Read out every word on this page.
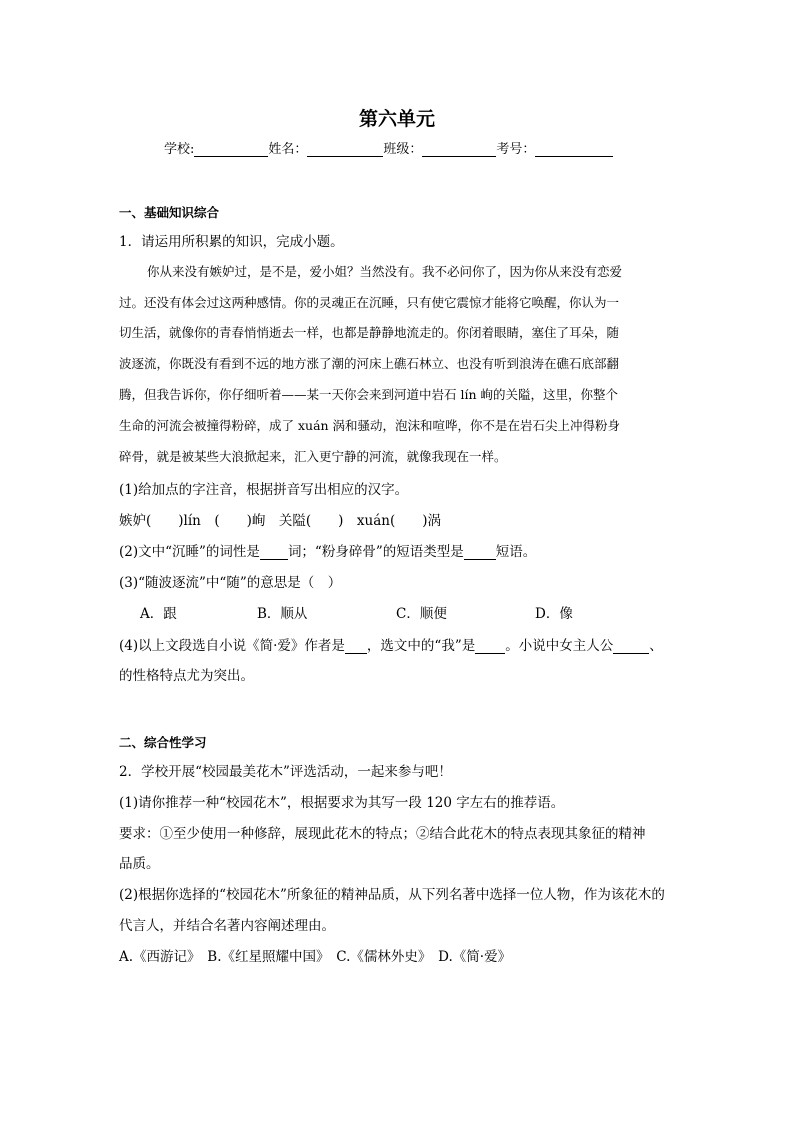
第六单元
学校:	姓名：	班级：	考号：
一、基础知识综合
1．请运用所积累的知识，完成小题。
你从来没有嫉妒过，是不是，爱小姐？当然没有。我不必问你了，因为你从来没有恋爱
过。还没有体会过这两种感情。你的灵魂正在沉睡，只有使它震惊才能将它唤醒，你认为一
切生活，就像你的青春悄悄逝去一样，也都是静静地流走的。你闭着眼睛，塞住了耳朵，随
波逐流，你既没有看到不远的地方涨了潮的河床上礁石林立、也没有听到浪涛在礁石底部翻
腾，但我告诉你，你仔细听着——某一天你会来到河道中岩石 lín 峋的关隘，这里，你整个
生命的河流会被撞得粉碎，成了 xuán 涡和骚动，泡沫和喧哗，你不是在岩石尖上冲得粉身
碎骨，就是被某些大浪掀起来，汇入更宁静的河流，就像我现在一样。
(1)给加点的字注音，根据拼音写出相应的汉字。
嫉妒(　　)lín　(　　)峋　关隘(　　)　xuán(　　)涡
(2)文中“沉睡”的词性是 词；“粉身碎骨”的短语类型是 短语。
(3)“随波逐流”中“随”的意思是（　）
A．跟	B．顺从	C．顺便	D．像
(4)以上文段选自小说《简·爱》作者是 ，选文中的“我”是 。小说中女主人公	、
的性格特点尤为突出。
二、综合性学习
2．学校开展“校园最美花木”评选活动，一起来参与吧！
(1)请你推荐一种“校园花木”，根据要求为其写一段 120 字左右的推荐语。
要求：①至少使用一种修辞，展现此花木的特点；②结合此花木的特点表现其象征的精神
品质。
(2)根据你选择的“校园花木”所象征的精神品质，从下列名著中选择一位人物，作为该花木的
代言人，并结合名著内容阐述理由。
A.《西游记》　B.《红星照耀中国》　C.《儒林外史》　D.《简·爱》
